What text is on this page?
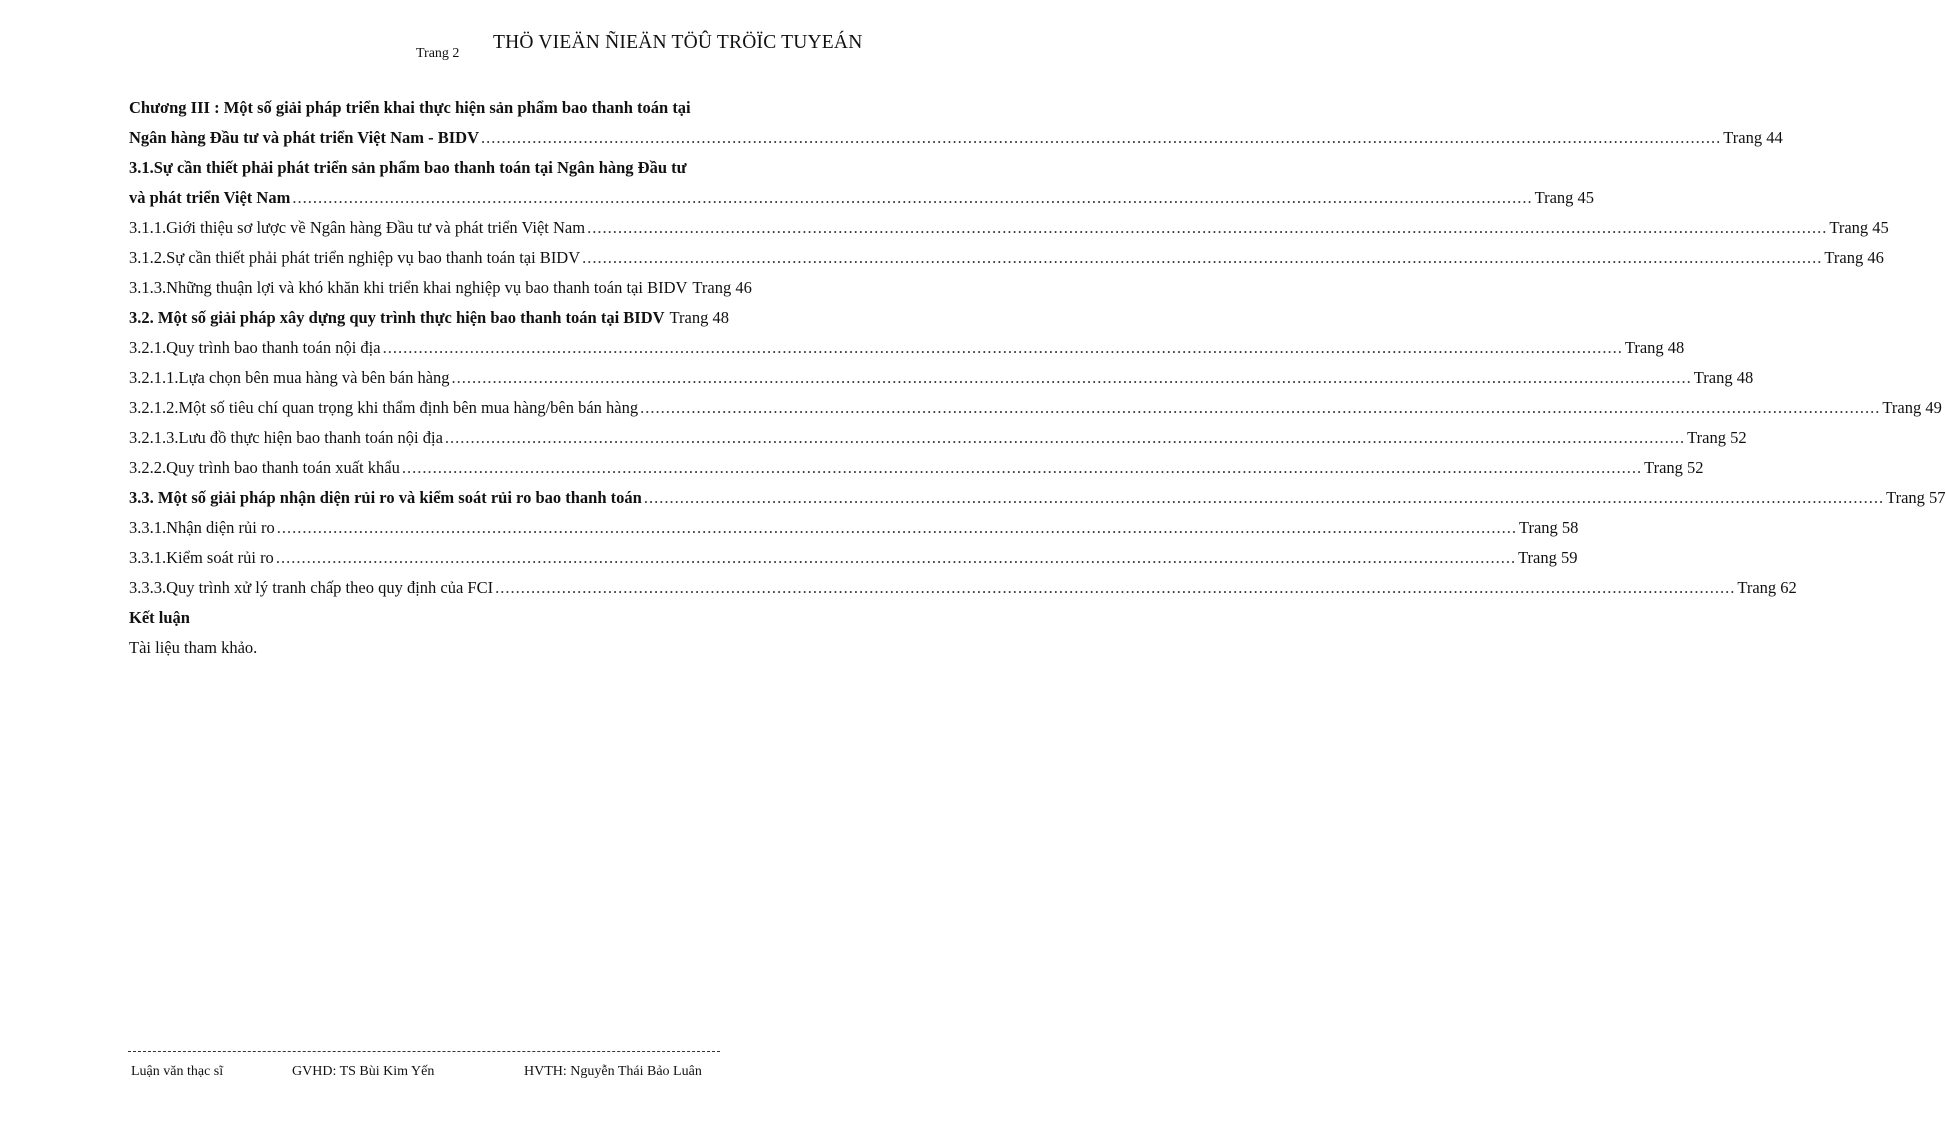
THÖ VIEÄN ÑIEÄN TÖÛ TRÖÏC TUYEÁN
Trang 2
Chương III : Một số giải pháp triển khai thực hiện sản phẩm bao thanh toán tại
Ngân hàng Đầu tư và phát triển Việt Nam - BIDV .....	Trang 44
3.1.Sự cần thiết phải phát triển sản phẩm bao thanh toán tại Ngân hàng Đầu tư
và phát triển Việt Nam .....	Trang 45
3.1.1.Giới thiệu sơ lược về Ngân hàng Đầu tư và phát triển Việt Nam .....	Trang 45
3.1.2.Sự cần thiết phải phát triển nghiệp vụ bao thanh toán tại BIDV .....	Trang 46
3.1.3.Những thuận lợi và khó khăn khi triển khai nghiệp vụ bao thanh toán tại BIDV Trang 46
3.2. Một số giải pháp xây dựng quy trình thực hiện bao thanh toán tại BIDV Trang 48
3.2.1.Quy trình bao thanh toán nội địa .....	Trang 48
3.2.1.1.Lựa chọn bên mua hàng và bên bán hàng .....	Trang 48
3.2.1.2.Một số tiêu chí quan trọng khi thẩm định bên mua hàng/bên bán hàng .....	Trang 49
3.2.1.3.Lưu đồ thực hiện bao thanh toán nội địa .....	Trang 52
3.2.2.Quy trình bao thanh toán xuất khẩu .....	Trang 52
3.3. Một số giải pháp nhận diện rủi ro và kiểm soát rủi ro bao thanh toán .....	Trang 57
3.3.1.Nhận diện rủi ro .....	Trang 58
3.3.1.Kiểm soát rủi ro .....	Trang 59
3.3.3.Quy trình xử lý tranh chấp theo quy định của FCI .....	Trang 62
Kết luận
Tài liệu tham khảo.
Luận văn thạc sĩ	GVHD: TS Bùi Kim Yến	HVTH: Nguyễn Thái Bảo Luân
